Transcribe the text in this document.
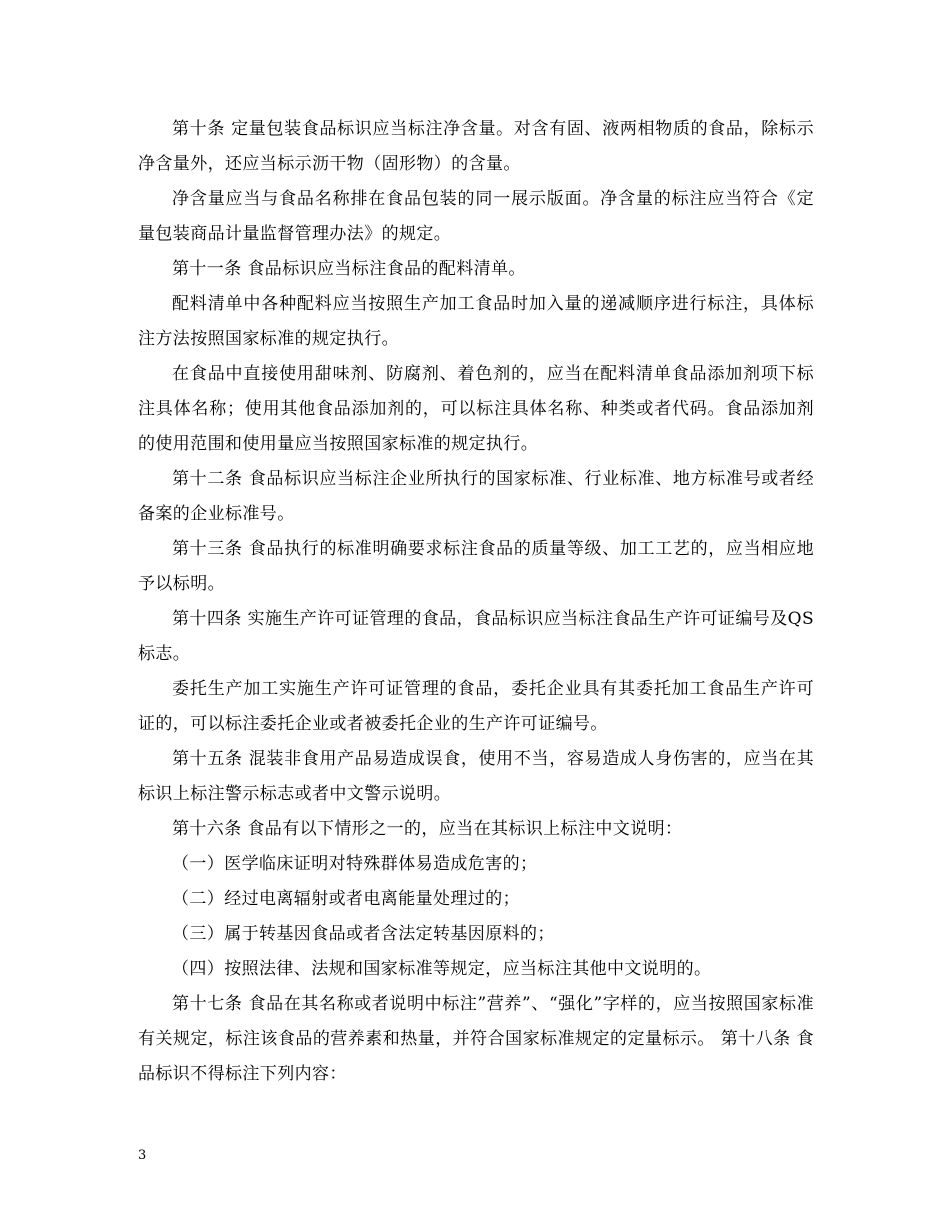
第十条 定量包装食品标识应当标注净含量。对含有固、液两相物质的食品，除标示净含量外，还应当标示沥干物（固形物）的含量。

净含量应当与食品名称排在食品包装的同一展示版面。净含量的标注应当符合《定量包装商品计量监督管理办法》的规定。

第十一条 食品标识应当标注食品的配料清单。

配料清单中各种配料应当按照生产加工食品时加入量的递减顺序进行标注，具体标注方法按照国家标准的规定执行。

在食品中直接使用甜味剂、防腐剂、着色剂的，应当在配料清单食品添加剂项下标注具体名称；使用其他食品添加剂的，可以标注具体名称、种类或者代码。食品添加剂的使用范围和使用量应当按照国家标准的规定执行。

第十二条 食品标识应当标注企业所执行的国家标准、行业标准、地方标准号或者经备案的企业标准号。

第十三条 食品执行的标准明确要求标注食品的质量等级、加工工艺的，应当相应地予以标明。

第十四条 实施生产许可证管理的食品，食品标识应当标注食品生产许可证编号及QS标志。

委托生产加工实施生产许可证管理的食品，委托企业具有其委托加工食品生产许可证的，可以标注委托企业或者被委托企业的生产许可证编号。

第十五条 混装非食用产品易造成误食，使用不当，容易造成人身伤害的，应当在其标识上标注警示标志或者中文警示说明。

第十六条 食品有以下情形之一的，应当在其标识上标注中文说明：

（一）医学临床证明对特殊群体易造成危害的；

（二）经过电离辐射或者电离能量处理过的；

（三）属于转基因食品或者含法定转基因原料的；

（四）按照法律、法规和国家标准等规定，应当标注其他中文说明的。

第十七条 食品在其名称或者说明中标注”营养”、“强化”字样的，应当按照国家标准有关规定，标注该食品的营养素和热量，并符合国家标准规定的定量标示。 第十八条 食品标识不得标注下列内容：

3
